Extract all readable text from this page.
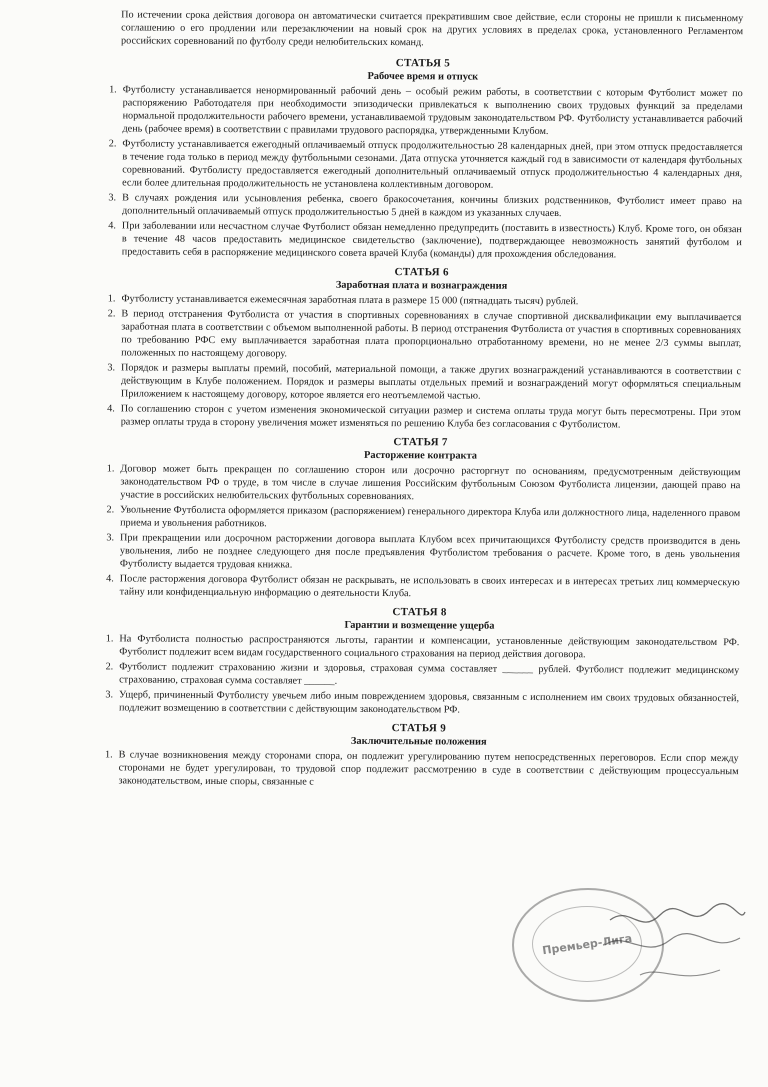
По истечении срока действия договора он автоматически считается прекратившим свое действие, если стороны не пришли к письменному соглашению о его продлении или перезаключении на новый срок на других условиях в пределах срока, установленного Регламентом российских соревнований по футболу среди нелюбительских команд.

СТАТЬЯ 5
Рабочее время и отпуск
1. Футболисту устанавливается ненормированный рабочий день – особый режим работы, в соответствии с которым Футболист может по распоряжению Работодателя при необходимости эпизодически привлекаться к выполнению своих трудовых функций за пределами нормальной продолжительности рабочего времени, устанавливаемой трудовым законодательством РФ. Футболисту устанавливается рабочий день (рабочее время) в соответствии с правилами трудового распорядка, утвержденными Клубом.
2. Футболисту устанавливается ежегодный оплачиваемый отпуск продолжительностью 28 календарных дней, при этом отпуск предоставляется в течение года только в период между футбольными сезонами. Дата отпуска уточняется каждый год в зависимости от календаря футбольных соревнований. Футболисту предоставляется ежегодный дополнительный оплачиваемый отпуск продолжительностью 4 календарных дня, если более длительная продолжительность не установлена коллективным договором.
3. В случаях рождения или усыновления ребенка, своего бракосочетания, кончины близких родственников, Футболист имеет право на дополнительный оплачиваемый отпуск продолжительностью 5 дней в каждом из указанных случаев.
4. При заболевании или несчастном случае Футболист обязан немедленно предупредить (поставить в известность) Клуб. Кроме того, он обязан в течение 48 часов предоставить медицинское свидетельство (заключение), подтверждающее невозможность занятий футболом и предоставить себя в распоряжение медицинского совета врачей Клуба (команды) для прохождения обследования.
СТАТЬЯ 6
Заработная плата и вознаграждения
1. Футболисту устанавливается ежемесячная заработная плата в размере 15 000 (пятнадцать тысяч) рублей.
2. В период отстранения Футболиста от участия в спортивных соревнованиях в случае спортивной дисквалификации ему выплачивается заработная плата в соответствии с объемом выполненной работы. В период отстранения Футболиста от участия в спортивных соревнованиях по требованию РФС ему выплачивается заработная плата пропорционально отработанному времени, но не менее 2/3 суммы выплат, положенных по настоящему договору.
3. Порядок и размеры выплаты премий, пособий, материальной помощи, а также других вознаграждений устанавливаются в соответствии с действующим в Клубе положением. Порядок и размеры выплаты отдельных премий и вознаграждений могут оформляться специальным Приложением к настоящему договору, которое является его неотъемлемой частью.
4. По соглашению сторон с учетом изменения экономической ситуации размер и система оплаты труда могут быть пересмотрены. При этом размер оплаты труда в сторону увеличения может изменяться по решению Клуба без согласования с Футболистом.
СТАТЬЯ 7
Расторжение контракта
1. Договор может быть прекращен по соглашению сторон или досрочно расторгнут по основаниям, предусмотренным действующим законодательством РФ о труде, в том числе в случае лишения Российским футбольным Союзом Футболиста лицензии, дающей право на участие в российских нелюбительских футбольных соревнованиях.
2. Увольнение Футболиста оформляется приказом (распоряжением) генерального директора Клуба или должностного лица, наделенного правом приема и увольнения работников.
3. При прекращении или досрочном расторжении договора выплата Клубом всех причитающихся Футболисту средств производится в день увольнения, либо не позднее следующего дня после предъявления Футболистом требования о расчете. Кроме того, в день увольнения Футболисту выдается трудовая книжка.
4. После расторжения договора Футболист обязан не раскрывать, не использовать в своих интересах и в интересах третьих лиц коммерческую тайну или конфиденциальную информацию о деятельности Клуба.
СТАТЬЯ 8
Гарантии и возмещение ущерба
1. На Футболиста полностью распространяются льготы, гарантии и компенсации, установленные действующим законодательством РФ. Футболист подлежит всем видам государственного социального страхования на период действия договора.
2. Футболист подлежит страхованию жизни и здоровья, страховая сумма составляет ______ рублей. Футболист подлежит медицинскому страхованию, страховая сумма составляет ______.
3. Ущерб, причиненный Футболисту увечьем либо иным повреждением здоровья, связанным с исполнением им своих трудовых обязанностей, подлежит возмещению в соответствии с действующим законодательством РФ.
СТАТЬЯ 9
Заключительные положения
1. В случае возникновения между сторонами спора, он подлежит урегулированию путем непосредственных переговоров. Если спор между сторонами не будет урегулирован, то трудовой спор подлежит рассмотрению в суде в соответствии с действующим процессуальным законодательством, иные споры, связанные с
Премьер-Лига
